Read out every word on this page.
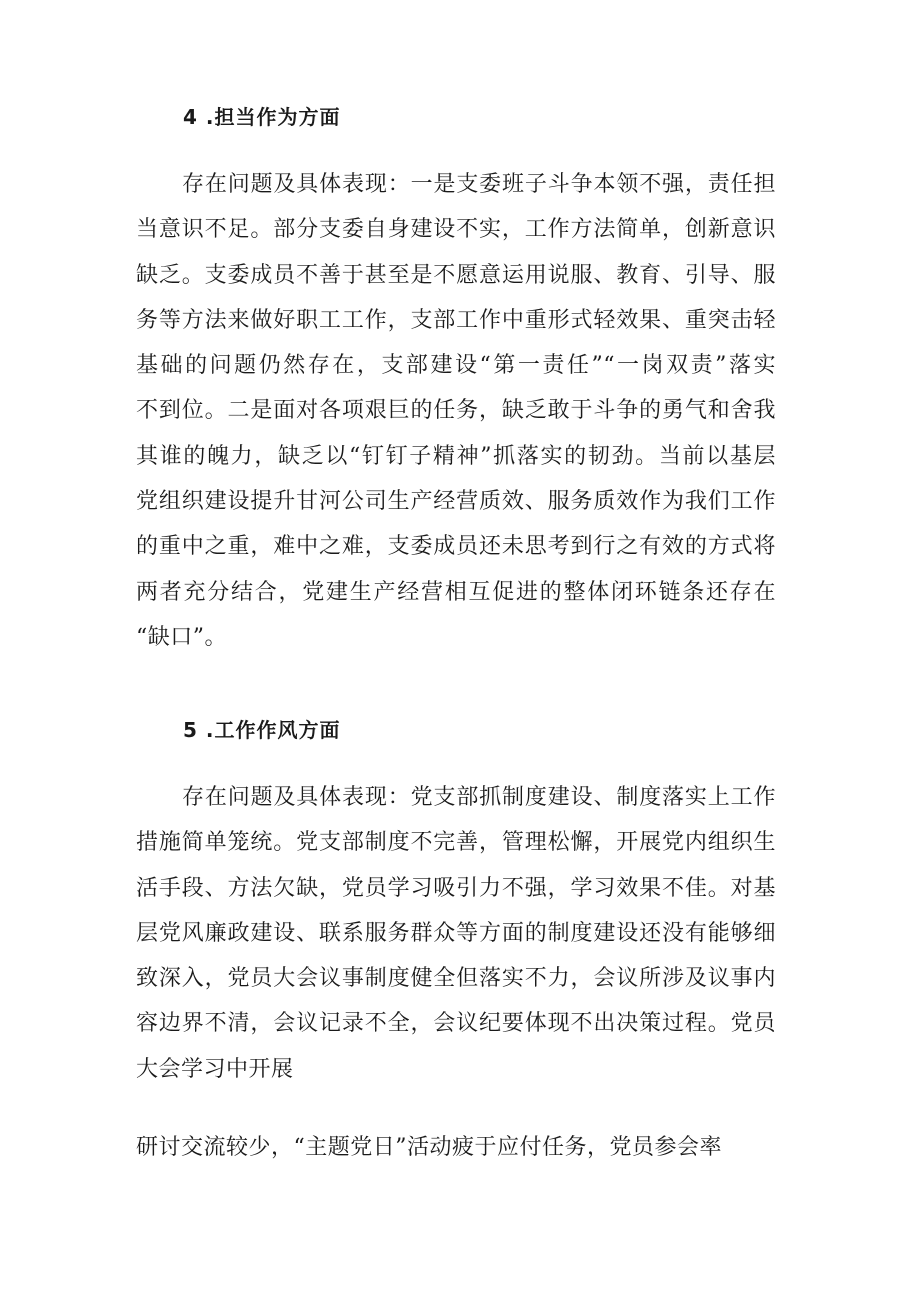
4 .担当作为方面
存在问题及具体表现：一是支委班子斗争本领不强，责任担
当意识不足。部分支委自身建设不实，工作方法简单，创新意识
缺乏。支委成员不善于甚至是不愿意运用说服、教育、引导、服
务等方法来做好职工工作，支部工作中重形式轻效果、重突击轻
基础的问题仍然存在，支部建设“第一责任”“一岗双责”落实
不到位。二是面对各项艰巨的任务，缺乏敢于斗争的勇气和舍我
其谁的魄力，缺乏以“钉钉子精神”抓落实的韧劲。当前以基层
党组织建设提升甘河公司生产经营质效、服务质效作为我们工作
的重中之重，难中之难，支委成员还未思考到行之有效的方式将
两者充分结合，党建生产经营相互促进的整体闭环链条还存在
“缺口”。
5 .工作作风方面
存在问题及具体表现：党支部抓制度建设、制度落实上工作
措施简单笼统。党支部制度不完善，管理松懈，开展党内组织生
活手段、方法欠缺，党员学习吸引力不强，学习效果不佳。对基
层党风廉政建设、联系服务群众等方面的制度建设还没有能够细
致深入，党员大会议事制度健全但落实不力，会议所涉及议事内
容边界不清，会议记录不全，会议纪要体现不出决策过程。党员
大会学习中开展
研讨交流较少，“主题党日”活动疲于应付任务，党员参会率
